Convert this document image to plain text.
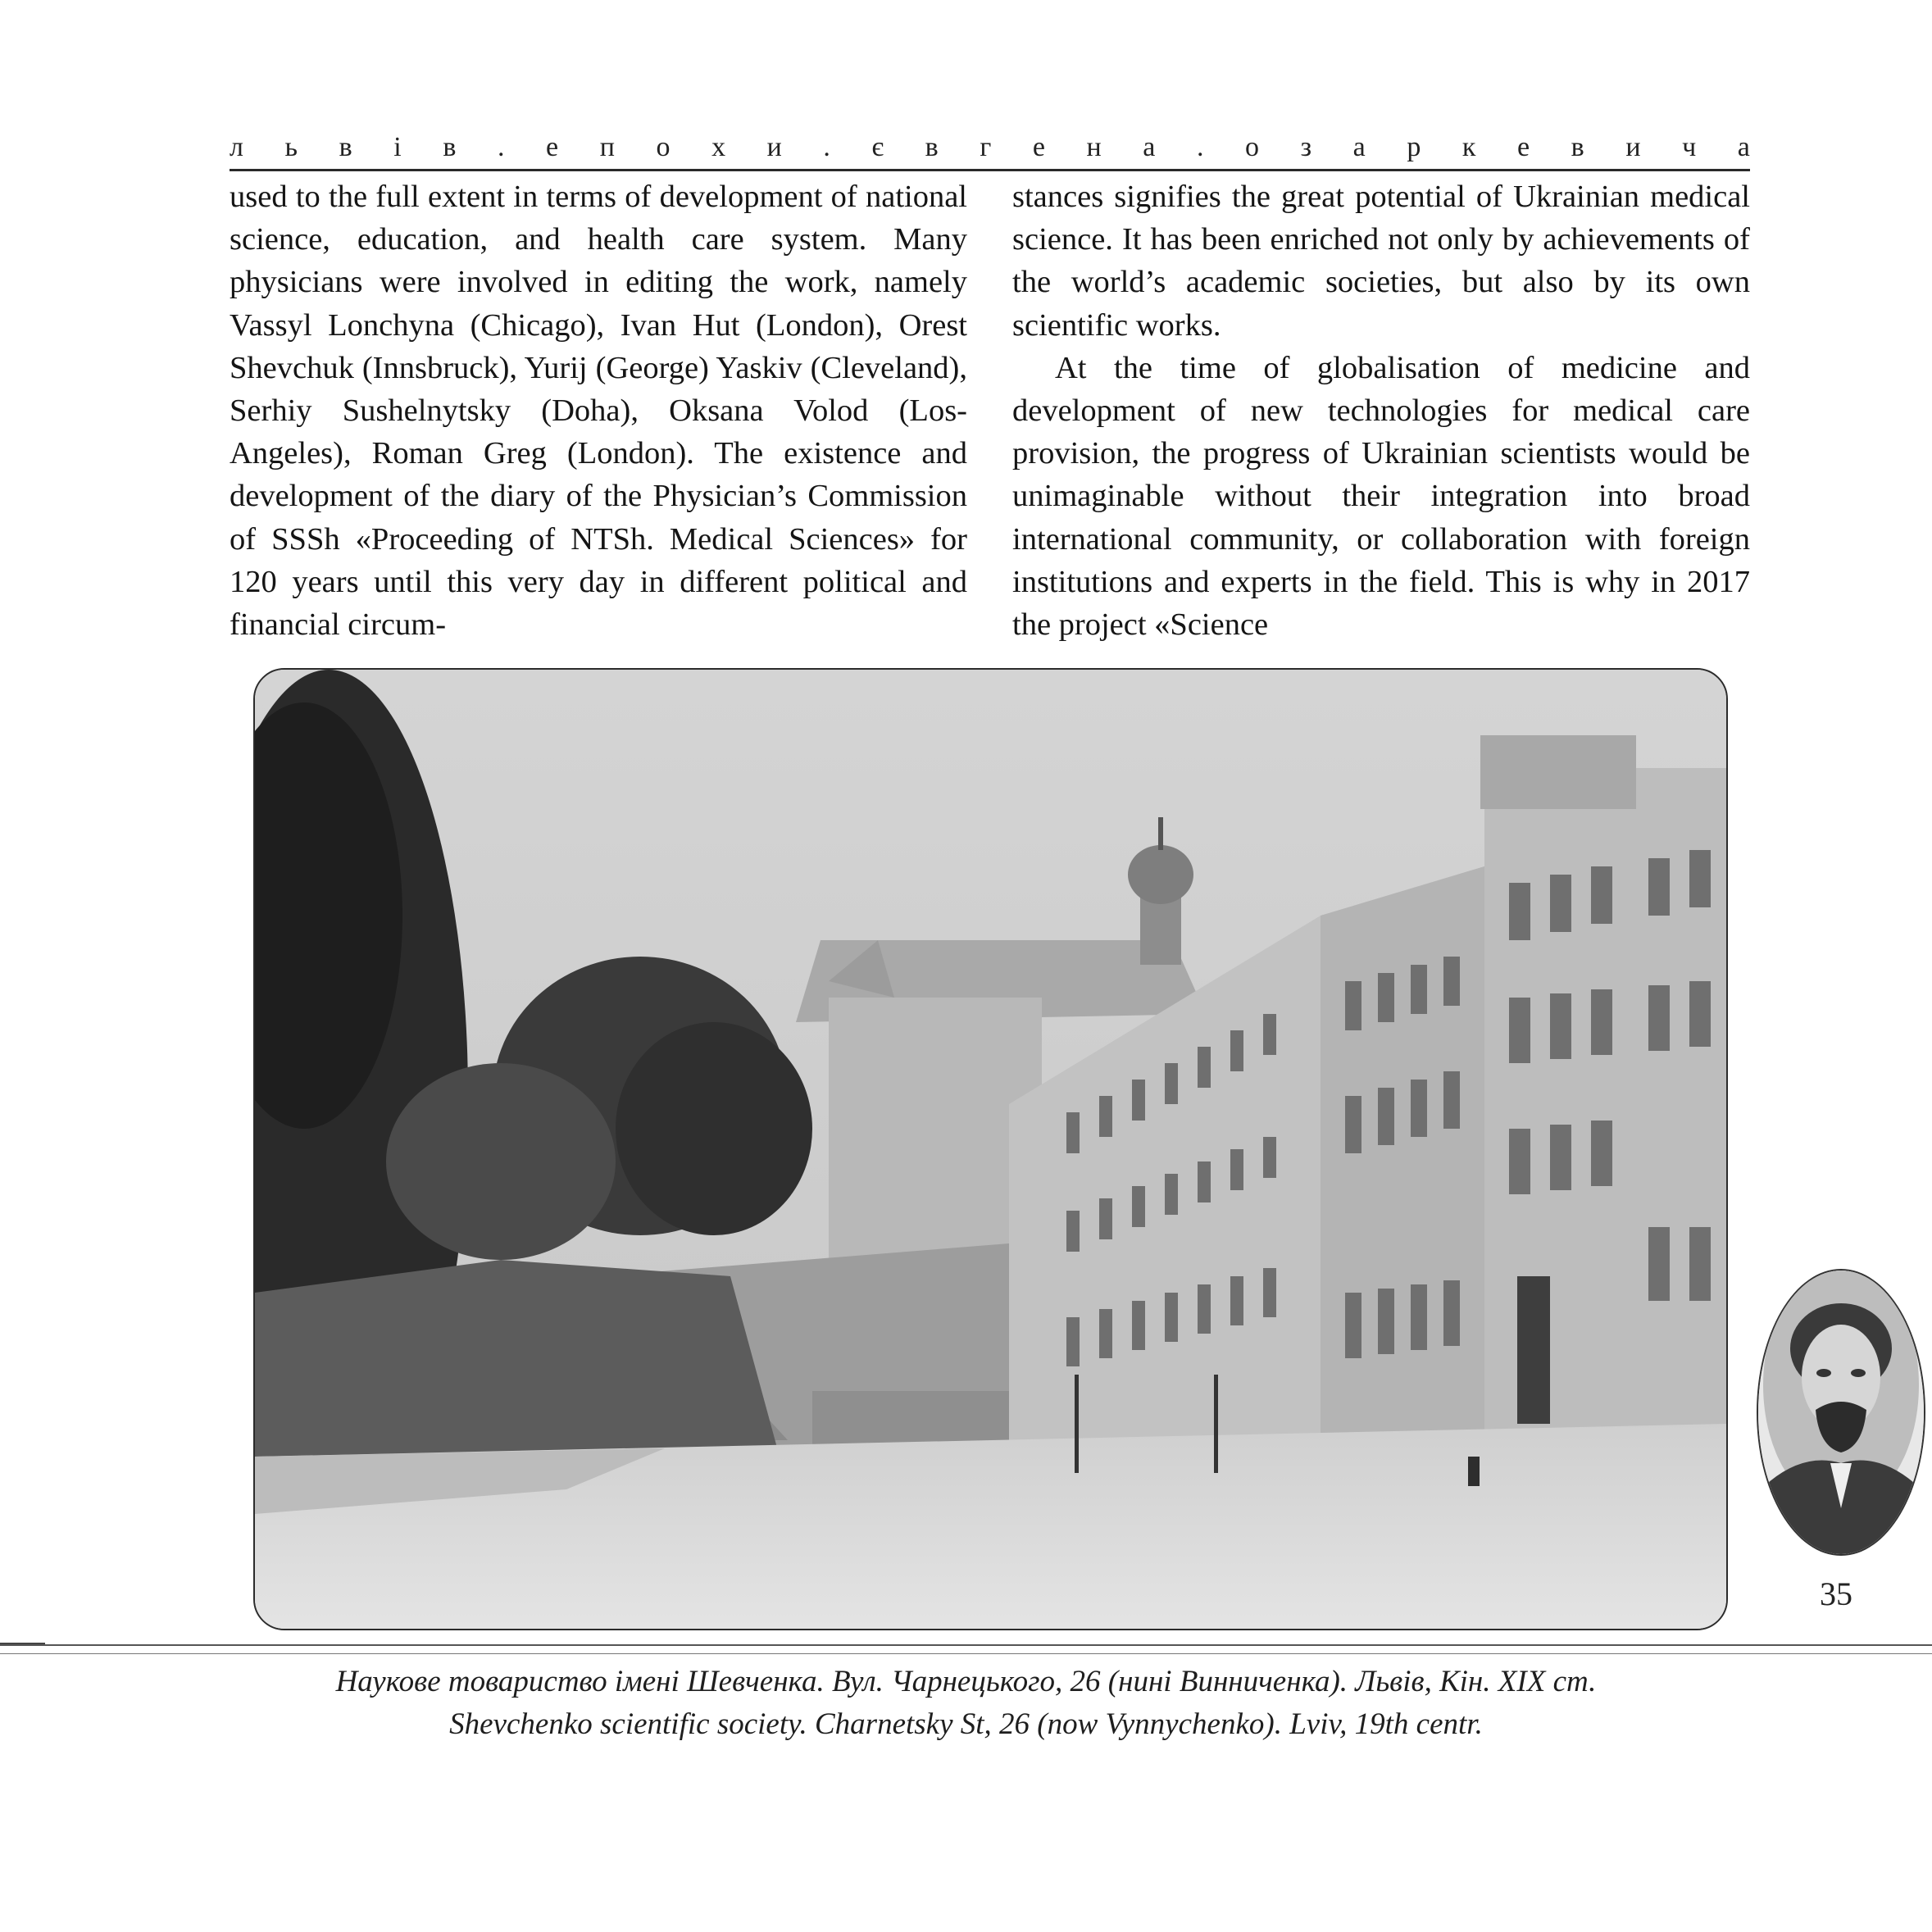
л ь в і в . е п о х и . є в г е н а . о з а р к е в и ч а

used to the full extent in terms of development of national science, education, and health care system. Many physicians were involved in editing the work, namely Vassyl Lonchyna (Chicago), Ivan Hut (London), Orest Shevchuk (Innsbruck), Yurij (George) Yaskiv (Cleveland), Serhiy Sushelnytsky (Doha), Oksana Volod (Los-Angeles), Roman Greg (London). The existence and development of the diary of the Physician’s Commission of SSSh «Proceeding of NTSh. Medical Sciences» for 120 years until this very day in different political and financial circum-

stances signifies the great potential of Ukrainian medical science. It has been enriched not only by achievements of the world’s academic societies, but also by its own scientific works.

At the time of globalisation of medicine and development of new technologies for medical care provision, the progress of Ukrainian scientists would be unimaginable without their integration into broad international community, or collaboration with foreign institutions and experts in the field. This is why in 2017 the project «Science

35
Наукове товариство імені Шевченка. Вул. Чарнецького, 26 (нині Винниченка). Львів, Кін. XIX ст.
Shevchenko scientific society. Charnetsky St, 26 (now Vynnychenko). Lviv, 19th centr.
